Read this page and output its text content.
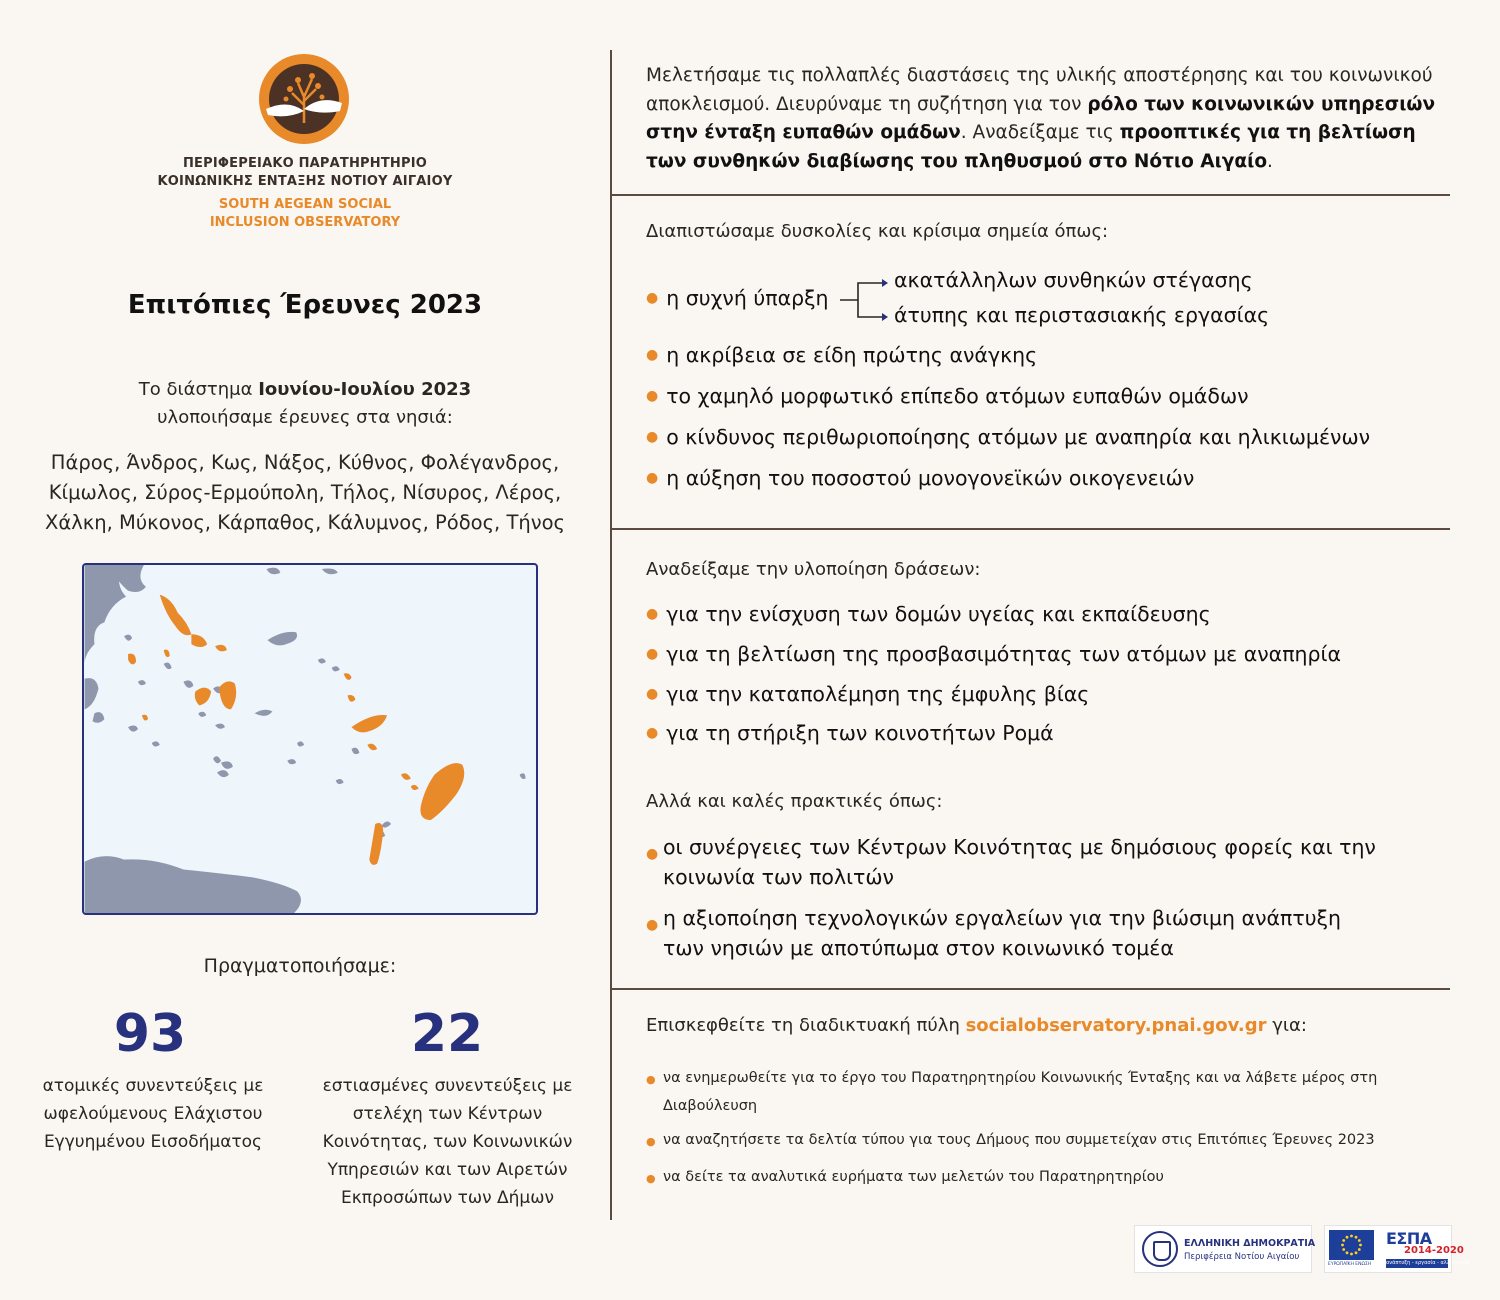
ΠΕΡΙΦΕΡΕΙΑΚΟ ΠΑΡΑΤΗΡΗΤΗΡΙΟ
ΚΟΙΝΩΝΙΚΗΣ ΕΝΤΑΞΗΣ ΝΟΤΙΟΥ ΑΙΓΑΙΟΥ
SOUTH AEGEAN SOCIAL
INCLUSION OBSERVATORY
Επιτόπιες Έρευνες 2023
Το διάστημα Ιουνίου-Ιουλίου 2023
υλοποιήσαμε έρευνες στα νησιά:
Πάρος, Άνδρος, Κως, Νάξος, Κύθνος, Φολέγανδρος,
Κίμωλος, Σύρος-Ερμούπολη, Τήλος, Νίσυρος, Λέρος,
Χάλκη, Μύκονος, Κάρπαθος, Κάλυμνος, Ρόδος, Τήνος
Πραγματοποιήσαμε:
93
ατομικές συνεντεύξεις με
ωφελούμενους Ελάχιστου
Εγγυημένου Εισοδήματος
22
εστιασμένες συνεντεύξεις με
στελέχη των Κέντρων
Κοινότητας, των Κοινωνικών
Υπηρεσιών και των Αιρετών
Εκπροσώπων των Δήμων
Μελετήσαμε τις πολλαπλές διαστάσεις της υλικής αποστέρησης και του κοινωνικού αποκλεισμού. Διευρύναμε τη συζήτηση για τον ρόλο των κοινωνικών υπηρεσιών στην ένταξη ευπαθών ομάδων. Αναδείξαμε τις προοπτικές για τη βελτίωση των συνθηκών διαβίωσης του πληθυσμού στο Νότιο Αιγαίο.
Διαπιστώσαμε δυσκολίες και κρίσιμα σημεία όπως:
● η συχνή ύπαρξη
ακατάλληλων συνθηκών στέγασης
άτυπης και περιστασιακής εργασίας
● η ακρίβεια σε είδη πρώτης ανάγκης
● το χαμηλό μορφωτικό επίπεδο ατόμων ευπαθών ομάδων
● ο κίνδυνος περιθωριοποίησης ατόμων με αναπηρία και ηλικιωμένων
● η αύξηση του ποσοστού μονογονεϊκών οικογενειών
Αναδείξαμε την υλοποίηση δράσεων:
● για την ενίσχυση των δομών υγείας και εκπαίδευσης
● για τη βελτίωση της προσβασιμότητας των ατόμων με αναπηρία
● για την καταπολέμηση της έμφυλης βίας
● για τη στήριξη των κοινοτήτων Ρομά
Αλλά και καλές πρακτικές όπως:
● οι συνέργειες των Κέντρων Κοινότητας με δημόσιους φορείς και την
κοινωνία των πολιτών
● η αξιοποίηση τεχνολογικών εργαλείων για την βιώσιμη ανάπτυξη
των νησιών με αποτύπωμα στον κοινωνικό τομέα
Επισκεφθείτε τη διαδικτυακή πύλη socialobservatory.pnai.gov.gr για:
● να ενημερωθείτε για το έργο του Παρατηρητηρίου Κοινωνικής Ένταξης και να λάβετε μέρος στη
Διαβούλευση
● να αναζητήσετε τα δελτία τύπου για τους Δήμους που συμμετείχαν στις Επιτόπιες Έρευνες 2023
● να δείτε τα αναλυτικά ευρήματα των μελετών του Παρατηρητηρίου
ΕΛΛΗΝΙΚΗ ΔΗΜΟΚΡΑΤΙΑ
Περιφέρεια Νοτίου Αιγαίου
ΕΥΡΩΠΑΪΚΗ ΕΝΩΣΗ
ΕΣΠΑ
2014-2020
ανάπτυξη - εργασία - αλληλεγγύη
